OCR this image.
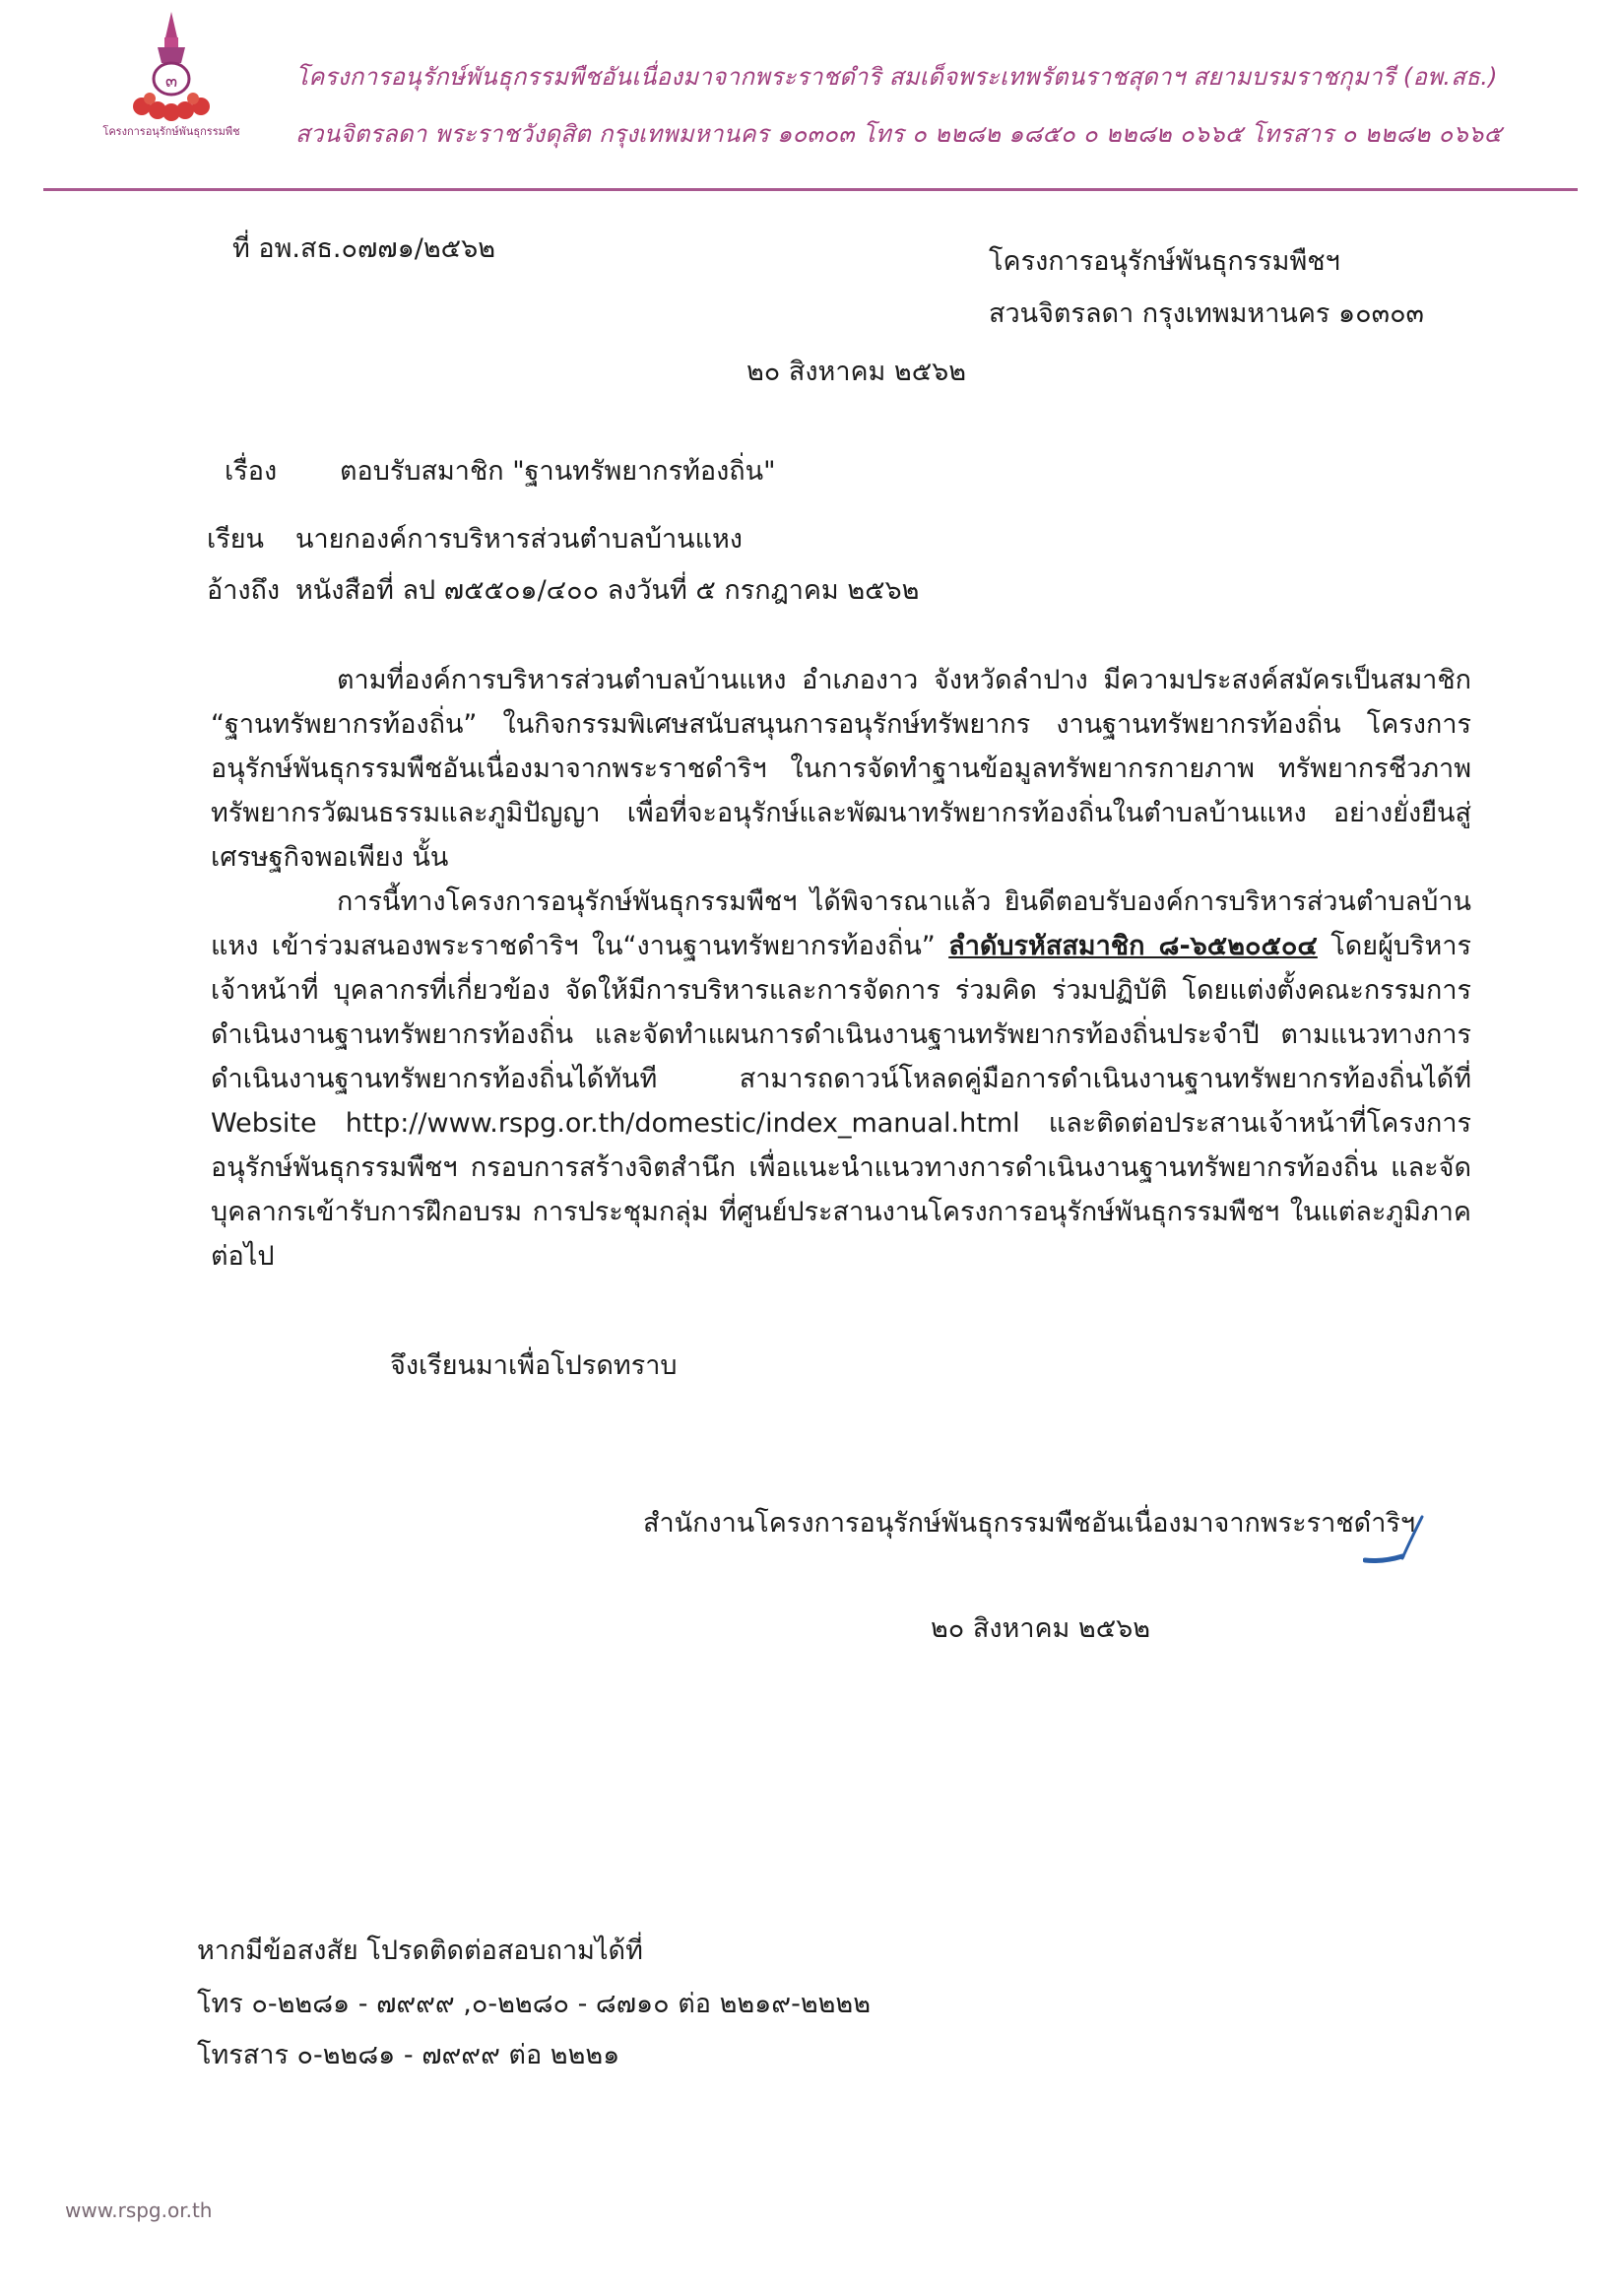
๓
โครงการอนุรักษ์พันธุกรรมพืช
โครงการอนุรักษ์พันธุกรรมพืชอันเนื่องมาจากพระราชดำริ สมเด็จพระเทพรัตนราชสุดาฯ สยามบรมราชกุมารี (อพ.สธ.)
สวนจิตรลดา พระราชวังดุสิต กรุงเทพมหานคร ๑๐๓๐๓ โทร ๐ ๒๒๘๒ ๑๘๕๐ ๐ ๒๒๘๒ ๐๖๖๕ โทรสาร ๐ ๒๒๘๒ ๐๖๖๕
ที่ อพ.สธ.๐๗๗๑/๒๕๖๒	โครงการอนุรักษ์พันธุกรรมพืชฯ
สวนจิตรลดา กรุงเทพมหานคร ๑๐๓๐๓
๒๐ สิงหาคม ๒๕๖๒
เรื่อง ตอบรับสมาชิก "ฐานทรัพยากรท้องถิ่น"
เรียน นายกองค์การบริหารส่วนตำบลบ้านแหง
อ้างถึง หนังสือที่ ลป ๗๕๕๐๑/๔๐๐ ลงวันที่ ๕ กรกฎาคม ๒๕๖๒

ตามที่องค์การบริหารส่วนตำบลบ้านแหง อำเภองาว จังหวัดลำปาง มีความประสงค์สมัครเป็นสมาชิก “ฐานทรัพยากรท้องถิ่น” ในกิจกรรมพิเศษสนับสนุนการอนุรักษ์ทรัพยากร งานฐานทรัพยากรท้องถิ่น โครงการอนุรักษ์พันธุกรรมพืชอันเนื่องมาจากพระราชดำริฯ ในการจัดทำฐานข้อมูลทรัพยากรกายภาพ ทรัพยากรชีวภาพ ทรัพยากรวัฒนธรรมและภูมิปัญญา เพื่อที่จะอนุรักษ์และพัฒนาทรัพยากรท้องถิ่นในตำบลบ้านแหง อย่างยั่งยืนสู่เศรษฐกิจพอเพียง นั้น

การนี้ทางโครงการอนุรักษ์พันธุกรรมพืชฯ ได้พิจารณาแล้ว ยินดีตอบรับองค์การบริหารส่วนตำบลบ้านแหง เข้าร่วมสนองพระราชดำริฯ ใน“งานฐานทรัพยากรท้องถิ่น” ลำดับรหัสสมาชิก ๘-๖๕๒๐๕๐๔ โดยผู้บริหาร เจ้าหน้าที่ บุคลากรที่เกี่ยวข้อง จัดให้มีการบริหารและการจัดการ ร่วมคิด ร่วมปฏิบัติ โดยแต่งตั้งคณะกรรมการดำเนินงานฐานทรัพยากรท้องถิ่น และจัดทำแผนการดำเนินงานฐานทรัพยากรท้องถิ่นประจำปี ตามแนวทางการดำเนินงานฐานทรัพยากรท้องถิ่นได้ทันที สามารถดาวน์โหลดคู่มือการดำเนินงานฐานทรัพยากรท้องถิ่นได้ที่ Website http://www.rspg.or.th/domestic/index_manual.html และติดต่อประสานเจ้าหน้าที่โครงการอนุรักษ์พันธุกรรมพืชฯ กรอบการสร้างจิตสำนึก เพื่อแนะนำแนวทางการดำเนินงานฐานทรัพยากรท้องถิ่น และจัดบุคลากรเข้ารับการฝึกอบรม การประชุมกลุ่ม ที่ศูนย์ประสานงานโครงการอนุรักษ์พันธุกรรมพืชฯ ในแต่ละภูมิภาคต่อไป

จึงเรียนมาเพื่อโปรดทราบ
สำนักงานโครงการอนุรักษ์พันธุกรรมพืชอันเนื่องมาจากพระราชดำริฯ
๒๐ สิงหาคม ๒๕๖๒
หากมีข้อสงสัย โปรดติดต่อสอบถามได้ที่
โทร ๐-๒๒๘๑ - ๗๙๙๙ ,๐-๒๒๘๐ - ๘๗๑๐ ต่อ ๒๒๑๙-๒๒๒๒
โทรสาร ๐-๒๒๘๑ - ๗๙๙๙ ต่อ ๒๒๒๑
www.rspg.or.th
